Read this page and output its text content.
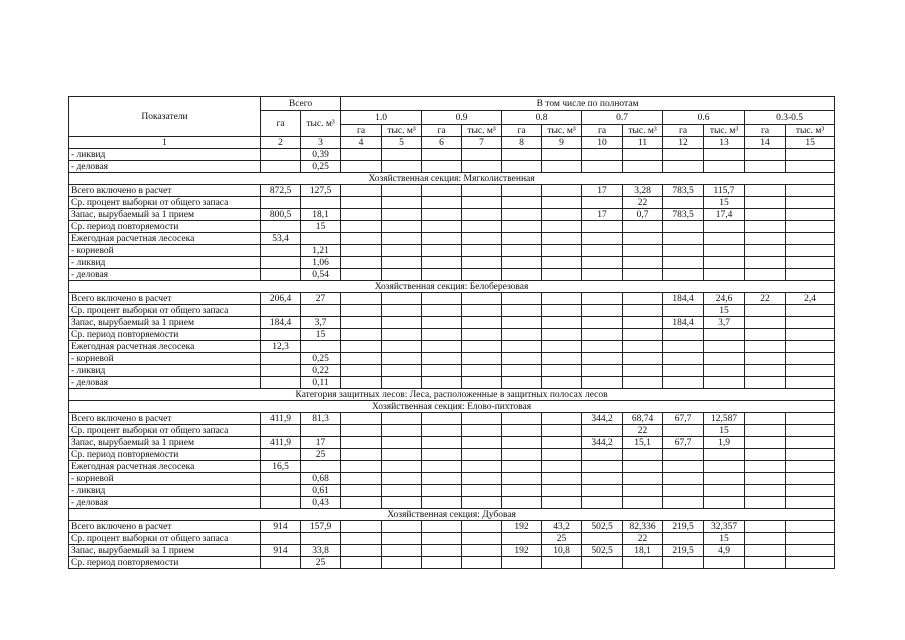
Показатели	Всего		В том числе по полнотам											
	га	тыс. м³	1.0		0.9		0.8		0.7		0.6		0.3-0.5	
			га	тыс. м³	га	тыс. м³	га	тыс. м³	га	тыс. м³	га	тыс. м³	га	тыс. м³
1	2	3	4	5	6	7	8	9	10	11	12	13	14	15
- ликвид		0,39												
- деловая		0,25												
Хозяйственная секция: Мягколиственная														
Всего включено в расчет	872,5	127,5							17	3,28	783,5	115,7		
Ср. процент выборки от общего запаса										22		15		
Запас, вырубаемый за 1 прием	800,5	18,1							17	0,7	783,5	17,4		
Ср. период повторяемости		15												
Ежегодная расчетная лесосека	53,4													
- корневой		1,21												
- ликвид		1,06												
- деловая		0,54												
Хозяйственная секция: Белоберезовая														
Всего включено в расчет	206,4	27									184,4	24,6	22	2,4
Ср. процент выборки от общего запаса												15		
Запас, вырубаемый за 1 прием	184,4	3,7									184,4	3,7		
Ср. период повторяемости		15												
Ежегодная расчетная лесосека	12,3													
- корневой		0,25												
- ликвид		0,22												
- деловая		0,11												
Категория защитных лесов: Леса, расположенные в защитных полосах лесов														
Хозяйственная секция: Елово-пихтовая														
Всего включено в расчет	411,9	81,3							344,2	68,74	67,7	12,587		
Ср. процент выборки от общего запаса										22		15		
Запас, вырубаемый за 1 прием	411,9	17							344,2	15,1	67,7	1,9		
Ср. период повторяемости		25												
Ежегодная расчетная лесосека	16,5													
- корневой		0,68												
- ликвид		0,61												
- деловая		0,43												
Хозяйственная секция: Дубовая														
Всего включено в расчет	914	157,9					192	43,2	502,5	82,336	219,5	32,357		
Ср. процент выборки от общего запаса								25		22		15		
Запас, вырубаемый за 1 прием	914	33,8					192	10,8	502,5	18,1	219,5	4,9		
Ср. период повторяемости		25												
